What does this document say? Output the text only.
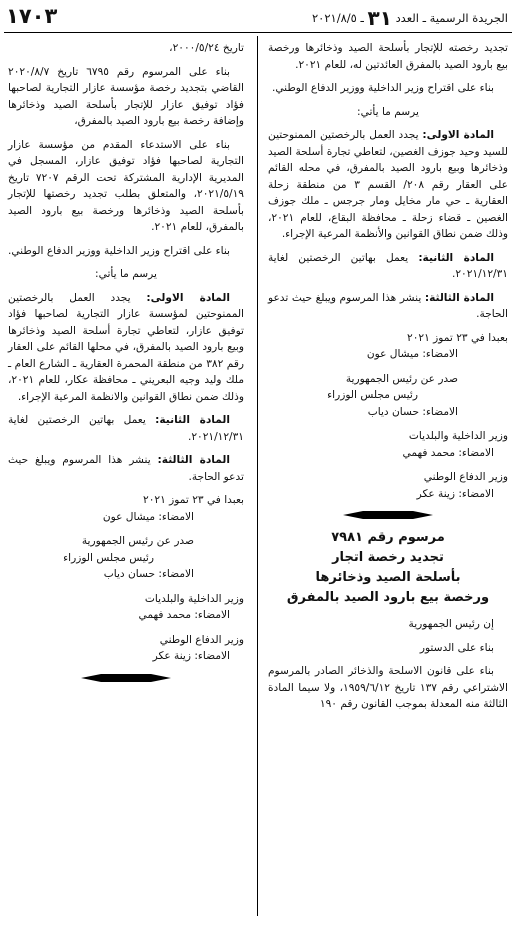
الجريدة الرسمية ـ العدد ٣١ ـ ٢٠٢١/٨/٥
١٧٠٣

تجديد رخصته للإتجار بأسلحة الصيد وذخائرها ورخصة بيع بارود الصيد بالمفرق العائدتين له، للعام ٢٠٢١.

بناء على اقتراح وزير الداخلية ووزير الدفاع الوطني.

يرسم ما يأتي:

المادة الاولى: يجدد العمل بالرخصتين الممنوحتين للسيد وحيد جوزف الغصين، لتعاطي تجارة أسلحة الصيد وذخائرها وبيع بارود الصيد بالمفرق، في محله القائم على العقار رقم ٢٠٨/ القسم ٣ من منطقة زحلة العقارية ـ حي مار مخايل ومار جرجس ـ ملك جوزف الغصين ـ قضاء زحلة ـ محافظة البقاع، للعام ٢٠٢١، وذلك ضمن نطاق القوانين والأنظمة المرعية الإجراء.

المادة الثانية: يعمل بهاتين الرخصتين لغاية ٢٠٢١/١٢/٣١.

المادة الثالثة: ينشر هذا المرسوم ويبلغ حيث تدعو الحاجة.

بعبدا في ٢٣ تموز ٢٠٢١

الامضاء: ميشال عون

صدر عن رئيس الجمهورية

رئيس مجلس الوزراء

الامضاء: حسان دياب

وزير الداخلية والبلديات

الامضاء: محمد فهمي

وزير الدفاع الوطني

الامضاء: زينة عكر

مرسوم رقم ٧٩٨١
تجديد رخصة اتجار
بأسلحة الصيد وذخائرها
ورخصة بيع بارود الصيد بالمفرق

إن رئيس الجمهورية

بناء على الدستور

بناء على قانون الاسلحة والذخائر الصادر بالمرسوم الاشتراعي رقم ١٣٧ تاريخ ١٩٥٩/٦/١٢، ولا سيما المادة الثالثة منه المعدلة بموجب القانون رقم ١٩٠

تاريخ ٢٠٠٠/٥/٢٤،

بناء على المرسوم رقم ٦٧٩٥ تاريخ ٢٠٢٠/٨/٧ القاضي بتجديد رخصة مؤسسة عازار التجارية لصاحبها فؤاد توفيق عازار للإتجار بأسلحة الصيد وذخائرها وإضافة رخصة بيع بارود الصيد بالمفرق،

بناء على الاستدعاء المقدم من مؤسسة عازار التجارية لصاحبها فؤاد توفيق عازار، المسجل في المديرية الإدارية المشتركة تحت الرقم ٧٢٠٧ تاريخ ٢٠٢١/٥/١٩، والمتعلق بطلب تجديد رخصتها للإتجار بأسلحة الصيد وذخائرها ورخصة بيع بارود الصيد بالمفرق، للعام ٢٠٢١.

بناء على اقتراح وزير الداخلية ووزير الدفاع الوطني.

يرسم ما يأتي:

المادة الاولى: يجدد العمل بالرخصتين الممنوحتين لمؤسسة عازار التجارية لصاحبها فؤاد توفيق عازار، لتعاطي تجارة أسلحة الصيد وذخائرها وبيع بارود الصيد بالمفرق، في محلها القائم على العقار رقم ٣٨٢ من منطقة المحمرة العقارية ـ الشارع العام ـ ملك وليد وجيه البعريني ـ محافظة عكار، للعام ٢٠٢١، وذلك ضمن نطاق القوانين والانظمة المرعية الإجراء.

المادة الثانية: يعمل بهاتين الرخصتين لغاية ٢٠٢١/١٢/٣١.

المادة الثالثة: ينشر هذا المرسوم ويبلغ حيث تدعو الحاجة.

بعبدا في ٢٣ تموز ٢٠٢١

الامضاء: ميشال عون

صدر عن رئيس الجمهورية

رئيس مجلس الوزراء

الامضاء: حسان دياب

وزير الداخلية والبلديات

الامضاء: محمد فهمي

وزير الدفاع الوطني

الامضاء: زينة عكر
